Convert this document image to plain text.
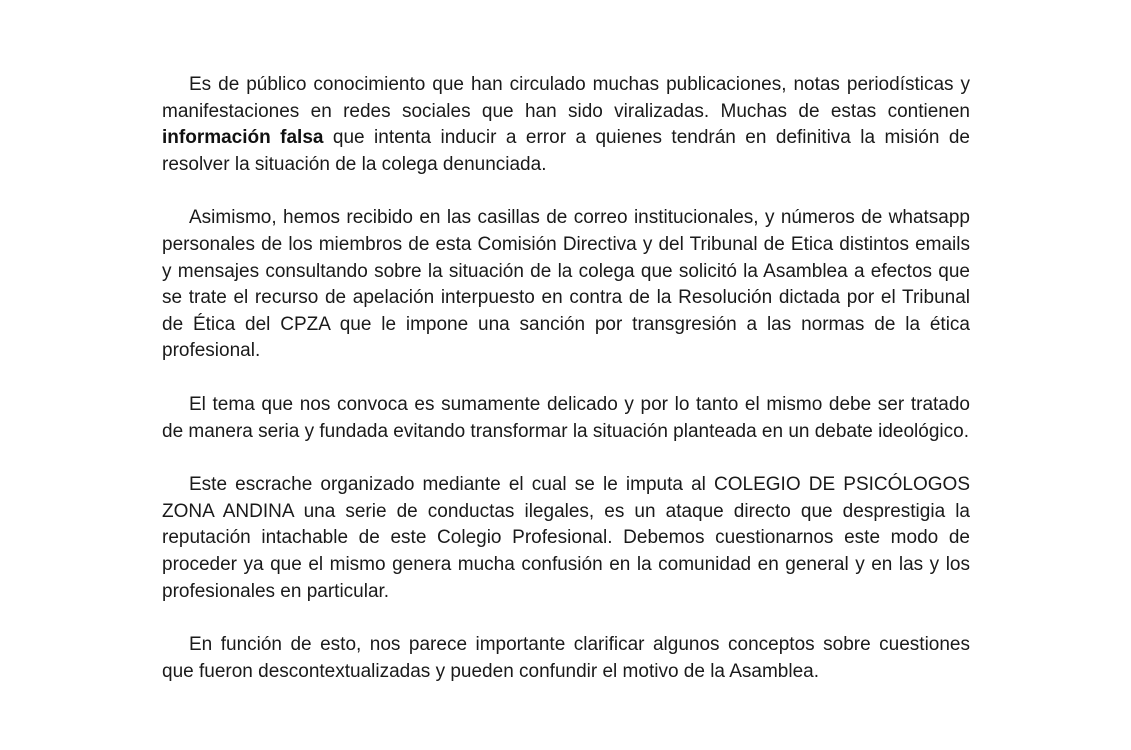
Es de público conocimiento que han circulado muchas publicaciones, notas periodísticas y manifestaciones en redes sociales que han sido viralizadas. Muchas de estas contienen información falsa que intenta inducir a error a quienes tendrán en definitiva la misión de resolver la situación de la colega denunciada.

Asimismo, hemos recibido en las casillas de correo institucionales, y números de whatsapp personales de los miembros de esta Comisión Directiva y del Tribunal de Etica distintos emails y mensajes consultando sobre la situación de la colega que solicitó la Asamblea a efectos que se trate el recurso de apelación interpuesto en contra de la Resolución dictada por el Tribunal de Ética del CPZA que le impone una sanción por transgresión a las normas de la ética profesional.

El tema que nos convoca es sumamente delicado y por lo tanto el mismo debe ser tratado de manera seria y fundada evitando transformar la situación planteada en un debate ideológico.

Este escrache organizado mediante el cual se le imputa al COLEGIO DE PSICÓLOGOS ZONA ANDINA una serie de conductas ilegales, es un ataque directo que desprestigia la reputación intachable de este Colegio Profesional. Debemos cuestionarnos este modo de proceder ya que el mismo genera mucha confusión en la comunidad en general y en las y los profesionales en particular.

En función de esto, nos parece importante clarificar algunos conceptos sobre cuestiones que fueron descontextualizadas y pueden confundir el motivo de la Asamblea.
